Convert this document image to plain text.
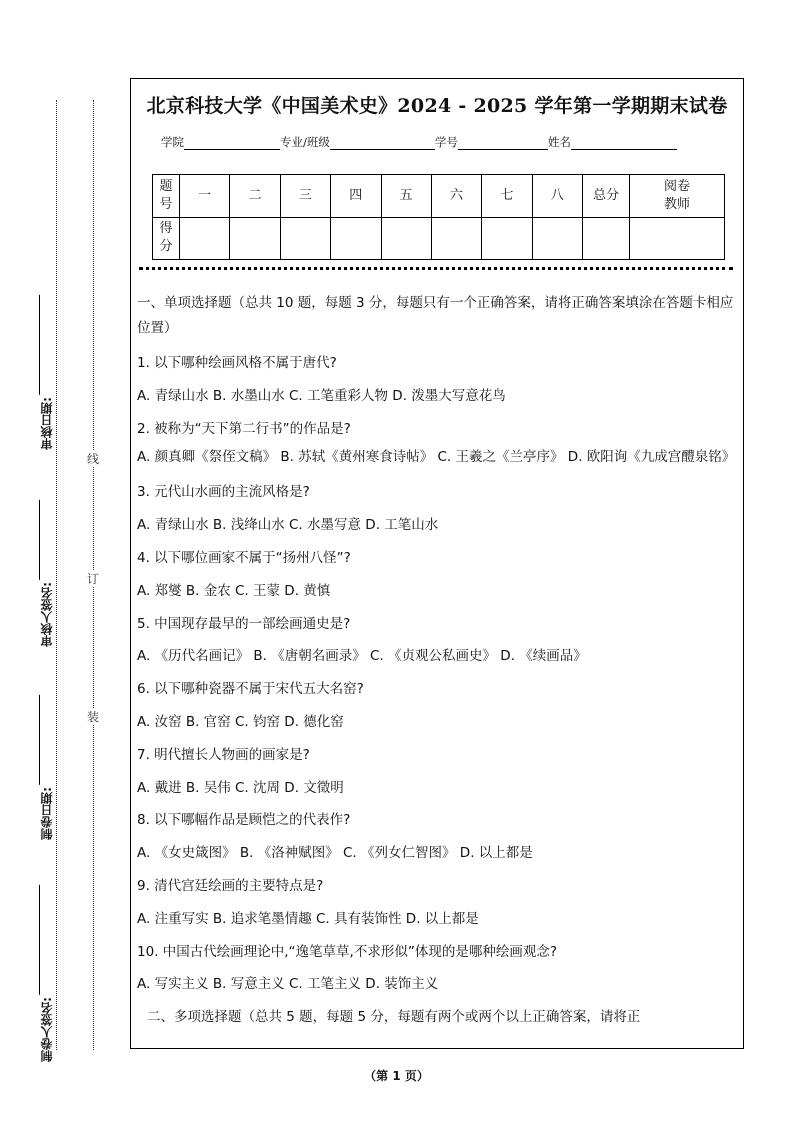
审核日期:
审核人签名:
制卷日期:
制卷人签名:
线
订
装
北京科技大学《中国美术史》2024 - 2025 学年第一学期期末试卷
学院	专业/班级	学号	姓名
题
号	一	二	三	四	五	六	七	八	总分	阅卷
教师
得
分										
一、单项选择题（总共 10 题，每题 3 分，每题只有一个正确答案，请将正确答案填涂在答题卡相应位置）
1. 以下哪种绘画风格不属于唐代?
A. 青绿山水 B. 水墨山水 C. 工笔重彩人物 D. 泼墨大写意花鸟
2. 被称为“天下第二行书”的作品是?
A. 颜真卿《祭侄文稿》 B. 苏轼《黄州寒食诗帖》 C. 王羲之《兰亭序》 D. 欧阳询《九成宫醴泉铭》
3. 元代山水画的主流风格是?
A. 青绿山水 B. 浅绛山水 C. 水墨写意 D. 工笔山水
4. 以下哪位画家不属于“扬州八怪”?
A. 郑燮 B. 金农 C. 王蒙 D. 黄慎
5. 中国现存最早的一部绘画通史是?
A. 《历代名画记》 B. 《唐朝名画录》 C. 《贞观公私画史》 D. 《续画品》
6. 以下哪种瓷器不属于宋代五大名窑?
A. 汝窑 B. 官窑 C. 钧窑 D. 德化窑
7. 明代擅长人物画的画家是?
A. 戴进 B. 吴伟 C. 沈周 D. 文徵明
8. 以下哪幅作品是顾恺之的代表作?
A. 《女史箴图》 B. 《洛神赋图》 C. 《列女仁智图》 D. 以上都是
9. 清代宫廷绘画的主要特点是?
A. 注重写实 B. 追求笔墨情趣 C. 具有装饰性 D. 以上都是
10. 中国古代绘画理论中,“逸笔草草,不求形似”体现的是哪种绘画观念?
A. 写实主义 B. 写意主义 C. 工笔主义 D. 装饰主义
二、多项选择题（总共 5 题，每题 5 分，每题有两个或两个以上正确答案，请将正
（第 1 页）
